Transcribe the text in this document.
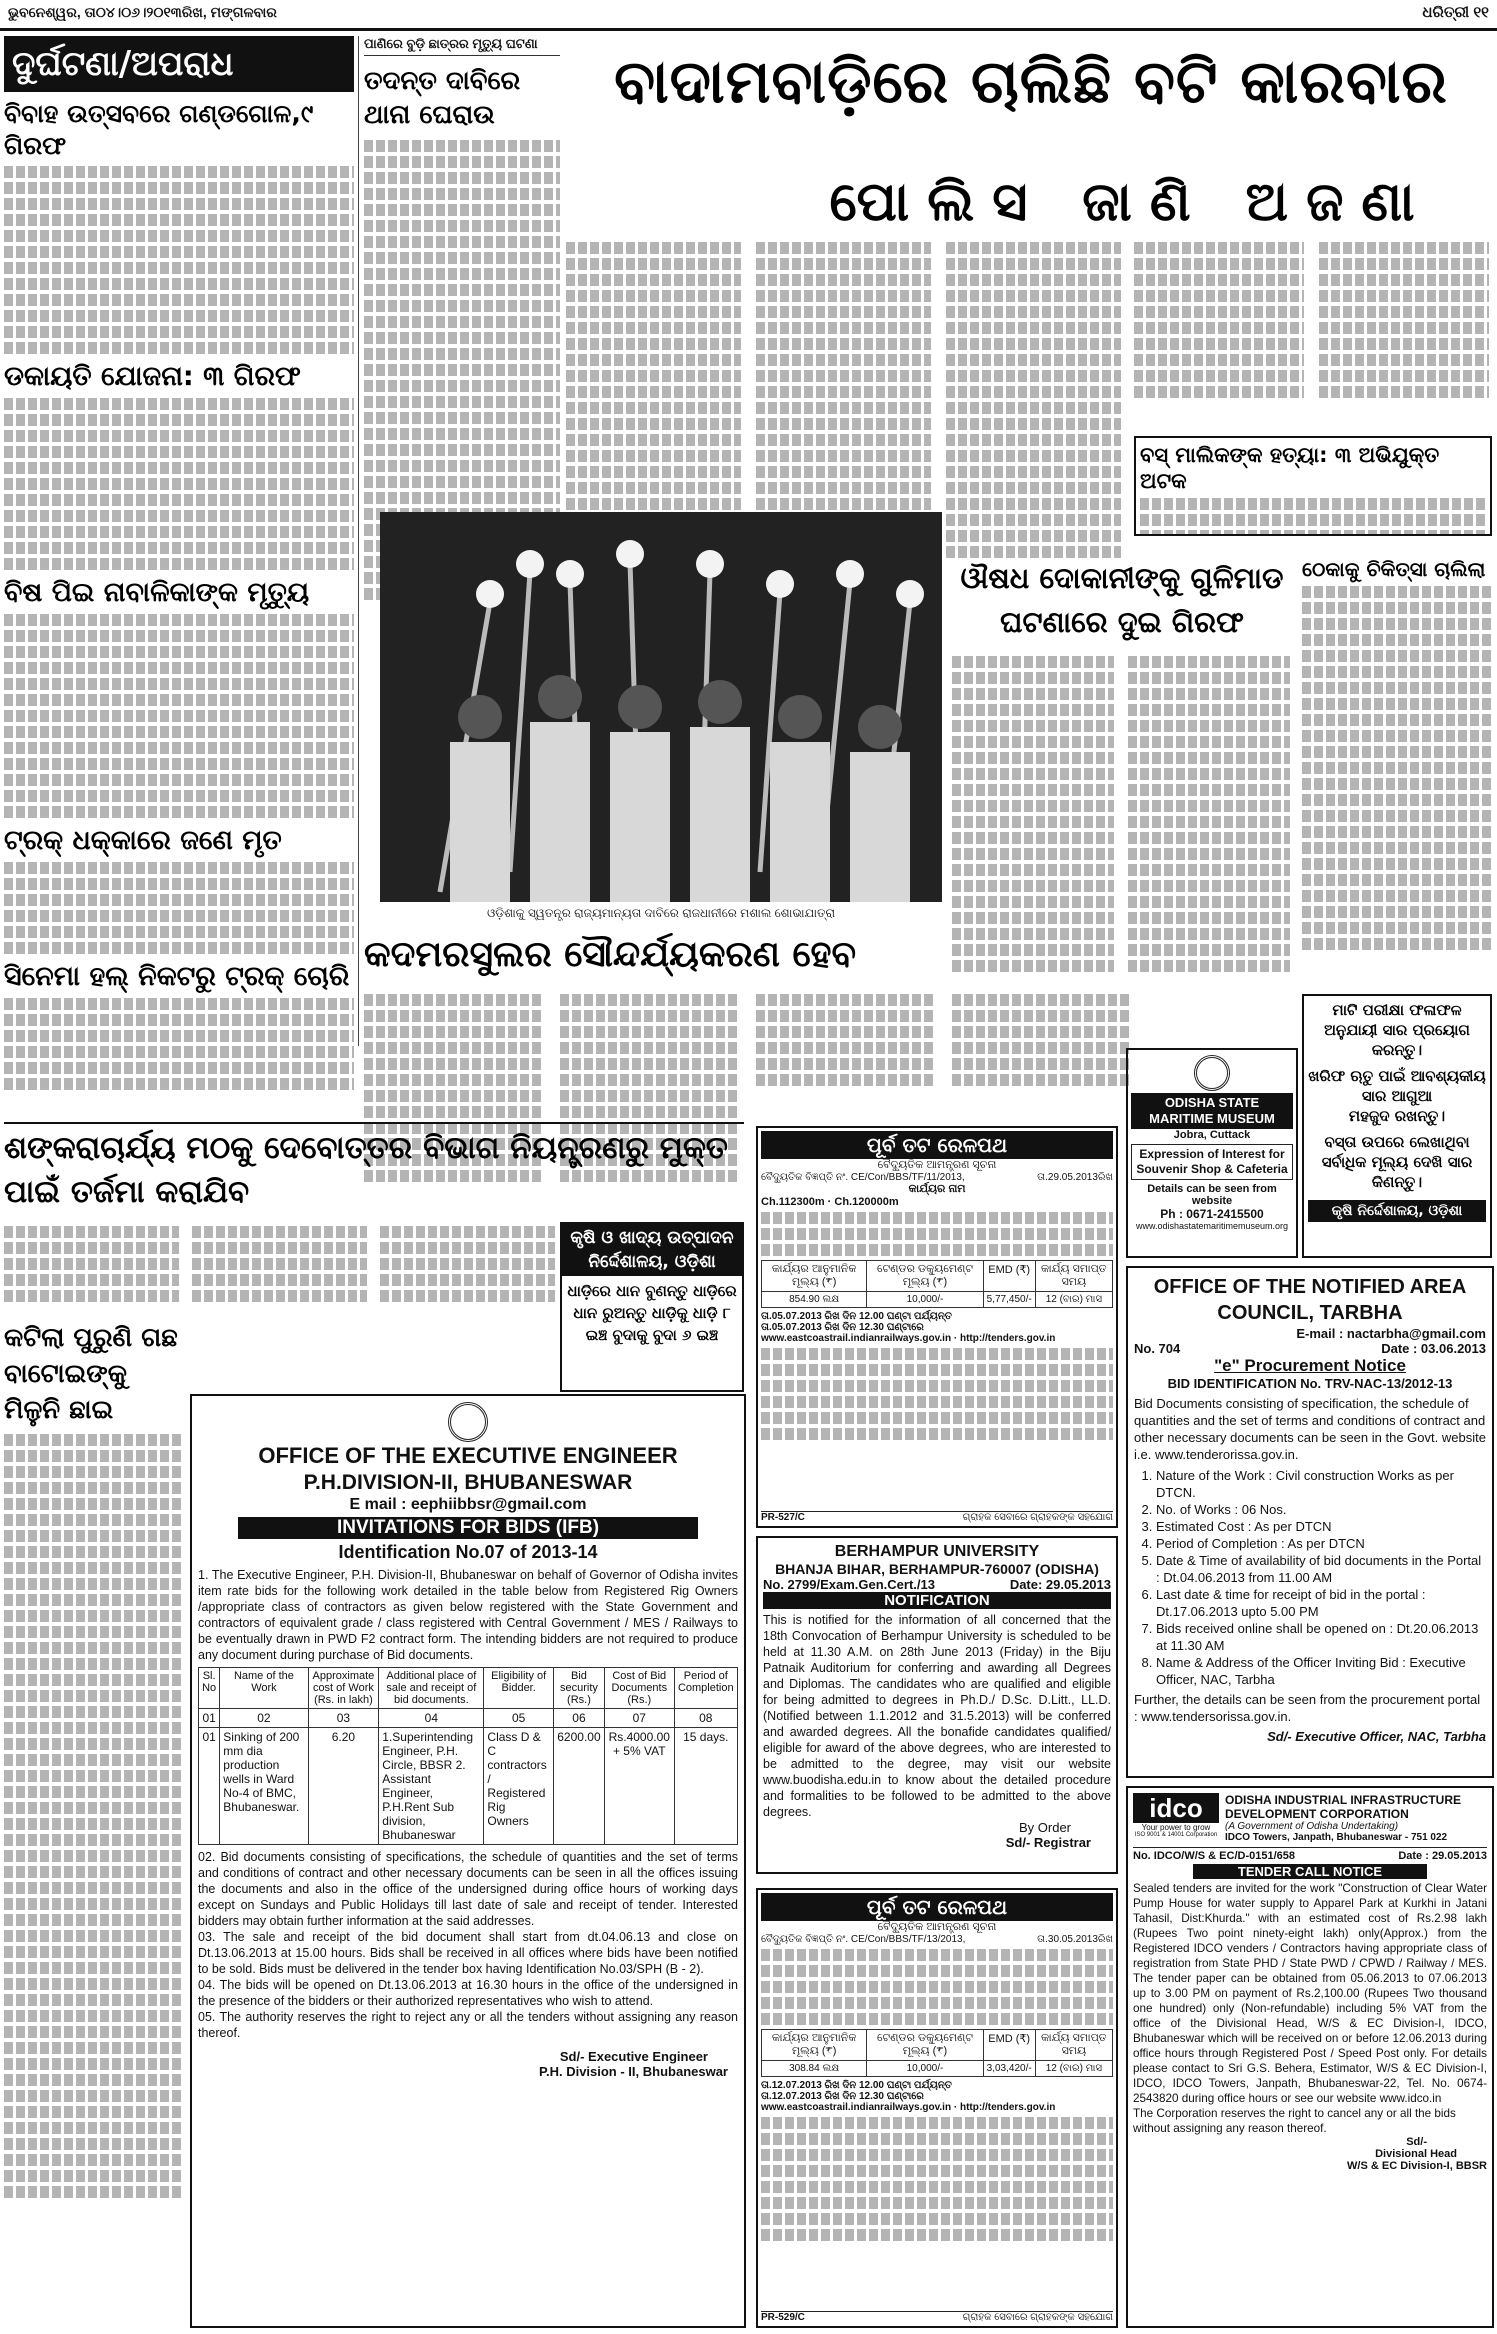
ଭୁବନେଶ୍ୱର, ତା୦୪।୦୬।୨୦୧୩ରିଖ, ମଙ୍ଗଳବାର	ଧରିତ୍ରୀ ୧୧
ଦୁର୍ଘଟଣା/ଅପରାଧ
ବିବାହ ଉତ୍ସବରେ ଗଣ୍ଡଗୋଳ,୯ ଗିରଫ
ଡକାୟତି ଯୋଜନା: ୩ ଗିରଫ
ବିଷ ପିଇ ନାବାଳିକାଙ୍କ ମୃତ୍ୟୁ
ଟ୍ରକ୍ ଧକ୍କାରେ ଜଣେ ମୃତ
ସିନେମା ହଲ୍ ନିକଟରୁ ଟ୍ରକ୍ ଚୋରି
ପାଣିରେ ବୁଡ଼ି ଛାତ୍ରର ମୃତ୍ୟୁ ଘଟଣା
ତଦନ୍ତ ଦାବିରେ ଥାନା ଘେରାଉ	ବାଦାମବାଡ଼ିରେ ଚାଲିଛି ବଟି କାରବାର
ପୋଲିସ ଜାଣି ଅଜଣା
ବସ୍ ମାଲିକଙ୍କ ହତ୍ୟା: ୩ ଅଭିଯୁକ୍ତ ଅଟକ
ଓଡ଼ିଶାକୁ ସ୍ୱତନ୍ତ୍ର ରାଜ୍ୟମାନ୍ୟତା ଦାବିରେ ରାଜଧାନୀରେ ମଶାଲ ଶୋଭାଯାତ୍ରା
ଔଷଧ ଦୋକାନୀଙ୍କୁ ଗୁଳିମାଡ ଘଟଣାରେ ଦୁଇ ଗିରଫ
ଠେକାକୁ ଚିକିତ୍ସା ଚାଲିଲା
କଦମରସୁଲର ସୌନ୍ଦର୍ଯ୍ୟକରଣ ହେବ
ମାଟି ପରୀକ୍ଷା ଫଳାଫଳ
ଅନୁଯାୟୀ ସାର ପ୍ରୟୋଗ କରନ୍ତୁ।
ଖରିଫ ଋତୁ ପାଇଁ ଆବଶ୍ୟକୀୟ ସାର ଆଗୁଆ
ମହଜୁଦ ରଖନ୍ତୁ।
ବସ୍ତା ଉପରେ ଲେଖାଥିବା ସର୍ବାଧିକ ମୂଲ୍ୟ ଦେଖି ସାର କିଣନ୍ତୁ।
କୃଷି ନିର୍ଦ୍ଦେଶାଳୟ, ଓଡ଼ିଶା
ODISHA STATE MARITIME MUSEUM
Jobra, Cuttack
Expression of Interest for Souvenir Shop & Cafeteria
Details can be seen from website
Ph : 0671-2415500
www.odishastatemaritimemuseum.org
ଶଙ୍କରାଚାର୍ଯ୍ୟ ମଠକୁ ଦେବୋତ୍ତର ବିଭାଗ ନିୟନ୍ତ୍ରଣରୁ ମୁକ୍ତ ପାଇଁ ତର୍ଜମା କରାଯିବ
କୃଷି ଓ ଖାଦ୍ୟ ଉତ୍ପାଦନ ନିର୍ଦ୍ଦେଶାଳୟ, ଓଡ଼ିଶା
ଧାଡ଼ିରେ ଧାନ ବୁଣନ୍ତୁ ଧାଡ଼ିରେ ଧାନ ରୁଅନ୍ତୁ ଧାଡ଼ିକୁ ଧାଡ଼ି ୮ ଇଞ୍ଚ ବୁଦାକୁ ବୁଦା ୬ ଇଞ୍ଚ
କଟିଲା ପୁରୁଣି ଗଛ ବାଟୋଇଙ୍କୁ ମିଳୁନି ଛାଇ
OFFICE OF THE EXECUTIVE ENGINEER
P.H.DIVISION-II, BHUBANESWAR
E mail : eephiibbsr@gmail.com
INVITATIONS FOR BIDS (IFB)
Identification No.07 of 2013-14
1. The Executive Engineer, P.H. Division-II, Bhubaneswar on behalf of Governor of Odisha invites item rate bids for the following work detailed in the table below from Registered Rig Owners /appropriate class of contractors as given below registered with the State Government and contractors of equivalent grade / class registered with Central Government / MES / Railways to be eventually drawn in PWD F2 contract form. The intending bidders are not required to produce any document during purchase of Bid documents.
Sl. No	Name of the Work	Approximate cost of Work (Rs. in lakh)	Additional place of sale and receipt of bid documents.	Eligibility of Bidder.	Bid security (Rs.)	Cost of Bid Documents (Rs.)	Period of Completion
01	02	03	04	05	06	07	08
01	Sinking of 200 mm dia production wells in Ward No-4 of BMC, Bhubaneswar.	6.20	1.Superintending Engineer, P.H. Circle, BBSR 2. Assistant Engineer, P.H.Rent Sub division, Bhubaneswar	Class D & C contractors / Registered Rig Owners	6200.00	Rs.4000.00 + 5% VAT	15 days.
02. Bid documents consisting of specifications, the schedule of quantities and the set of terms and conditions of contract and other necessary documents can be seen in all the offices issuing the documents and also in the office of the undersigned during office hours of working days except on Sundays and Public Holidays till last date of sale and receipt of tender. Interested bidders may obtain further information at the said addresses.
03. The sale and receipt of the bid document shall start from dt.04.06.13 and close on Dt.13.06.2013 at 15.00 hours. Bids shall be received in all offices where bids have been notified to be sold. Bids must be delivered in the tender box having Identification No.03/SPH (B - 2).
04. The bids will be opened on Dt.13.06.2013 at 16.30 hours in the office of the undersigned in the presence of the bidders or their authorized representatives who wish to attend.
05. The authority reserves the right to reject any or all the tenders without assigning any reason thereof.
Sd/- Executive Engineer
P.H. Division - II, Bhubaneswar
ପୂର୍ବ ତଟ ରେଳପଥ
ବୈଦ୍ୟୁତିକ ଆମନ୍ତ୍ରଣ ସୂଚନା
ବୈଦ୍ୟୁତିକ ବିଜ୍ଞପ୍ତି ନଂ. CE/Con/BBS/TF/11/2013,	ତା.29.05.2013ରିଖ
କାର୍ଯ୍ୟର ନାମ
Ch.112300m · Ch.120000m
କାର୍ଯ୍ୟର ଆନୁମାନିକ ମୂଲ୍ୟ (₹)	ଟେଣ୍ଡର ଡକ୍ୟୁମେଣ୍ଟ ମୂଲ୍ୟ (₹)	EMD (₹)	କାର୍ଯ୍ୟ ସମାପ୍ତ ସମୟ
854.90 ଲକ୍ଷ	10,000/-	5,77,450/-	12 (ବାର) ମାସ
ତା.05.07.2013 ରିଖ ଦିନ 12.00 ଘଣ୍ଟା ପର୍ଯ୍ୟନ୍ତ
ତା.05.07.2013 ରିଖ ଦିନ 12.30 ଘଣ୍ଟାରେ
www.eastcoastrail.indianrailways.gov.in · http://tenders.gov.in
PR-527/C	ଗ୍ରାହକ ସେବାରେ ଗ୍ରାହକଙ୍କ ସହଯୋଗ
OFFICE OF THE NOTIFIED AREA COUNCIL, TARBHA
E-mail : nactarbha@gmail.com
No. 704	Date : 03.06.2013
"e" Procurement Notice
BID IDENTIFICATION No. TRV-NAC-13/2012-13
Bid Documents consisting of specification, the schedule of quantities and the set of terms and conditions of contract and other necessary documents can be seen in the Govt. website i.e. www.tenderorissa.gov.in.
1. Nature of the Work : Civil construction Works as per DTCN.
2. No. of Works : 06 Nos.
3. Estimated Cost : As per DTCN
4. Period of Completion : As per DTCN
5. Date & Time of availability of bid documents in the Portal : Dt.04.06.2013 from 11.00 AM
6. Last date & time for receipt of bid in the portal : Dt.17.06.2013 upto 5.00 PM
7. Bids received online shall be opened on : Dt.20.06.2013 at 11.30 AM
8. Name & Address of the Officer Inviting Bid : Executive Officer, NAC, Tarbha
Further, the details can be seen from the procurement portal : www.tendersorissa.gov.in.
Sd/- Executive Officer, NAC, Tarbha
BERHAMPUR UNIVERSITY
BHANJA BIHAR, BERHAMPUR-760007 (ODISHA)
No. 2799/Exam.Gen.Cert./13	Date: 29.05.2013
NOTIFICATION
This is notified for the information of all concerned that the 18th Convocation of Berhampur University is scheduled to be held at 11.30 A.M. on 28th June 2013 (Friday) in the Biju Patnaik Auditorium for conferring and awarding all Degrees and Diplomas. The candidates who are qualified and eligible for being admitted to degrees in Ph.D./ D.Sc. D.Litt., LL.D. (Notified between 1.1.2012 and 31.5.2013) will be conferred and awarded degrees. All the bonafide candidates qualified/ eligible for award of the above degrees, who are interested to be admitted to the degree, may visit our website www.buodisha.edu.in to know about the detailed procedure and formalities to be followed to be admitted to the above degrees.
By Order
Sd/- Registrar
ପୂର୍ବ ତଟ ରେଳପଥ
ବୈଦ୍ୟୁତିକ ଆମନ୍ତ୍ରଣ ସୂଚନା
ବୈଦ୍ୟୁତିକ ବିଜ୍ଞପ୍ତି ନଂ. CE/Con/BBS/TF/13/2013,	ତା.30.05.2013ରିଖ
କାର୍ଯ୍ୟର ଆନୁମାନିକ ମୂଲ୍ୟ (₹)	ଟେଣ୍ଡର ଡକ୍ୟୁମେଣ୍ଟ ମୂଲ୍ୟ (₹)	EMD (₹)	କାର୍ଯ୍ୟ ସମାପ୍ତ ସମୟ
308.84 ଲକ୍ଷ	10,000/-	3,03,420/-	12 (ବାର) ମାସ
ତା.12.07.2013 ରିଖ ଦିନ 12.00 ଘଣ୍ଟା ପର୍ଯ୍ୟନ୍ତ
ତା.12.07.2013 ରିଖ ଦିନ 12.30 ଘଣ୍ଟାରେ
www.eastcoastrail.indianrailways.gov.in · http://tenders.gov.in
PR-529/C	ଗ୍ରାହକ ସେବାରେ ଗ୍ରାହକଙ୍କ ସହଯୋଗ
idco
Your power to grow
ISO 9001 & 14001 Corporation
ODISHA INDUSTRIAL INFRASTRUCTURE DEVELOPMENT CORPORATION
(A Government of Odisha Undertaking)
IDCO Towers, Janpath, Bhubaneswar - 751 022
No. IDCO/W/S & EC/D-0151/658	Date : 29.05.2013
TENDER CALL NOTICE
Sealed tenders are invited for the work "Construction of Clear Water Pump House for water supply to Apparel Park at Kurkhi in Jatani Tahasil, Dist:Khurda." with an estimated cost of Rs.2.98 lakh (Rupees Two point ninety-eight lakh) only(Approx.) from the Registered IDCO venders / Contractors having appropriate class of registration from State PHD / State PWD / CPWD / Railway / MES. The tender paper can be obtained from 05.06.2013 to 07.06.2013 up to 3.00 PM on payment of Rs.2,100.00 (Rupees Two thousand one hundred) only (Non-refundable) including 5% VAT from the office of the Divisional Head, W/S & EC Division-I, IDCO, Bhubaneswar which will be received on or before 12.06.2013 during office hours through Registered Post / Speed Post only. For details please contact to Sri G.S. Behera, Estimator, W/S & EC Division-I, IDCO, IDCO Towers, Janpath, Bhubaneswar-22, Tel. No. 0674-2543820 during office hours or see our website www.idco.in
The Corporation reserves the right to cancel any or all the bids without assigning any reason thereof.
Sd/-
Divisional Head
W/S & EC Division-I, BBSR
